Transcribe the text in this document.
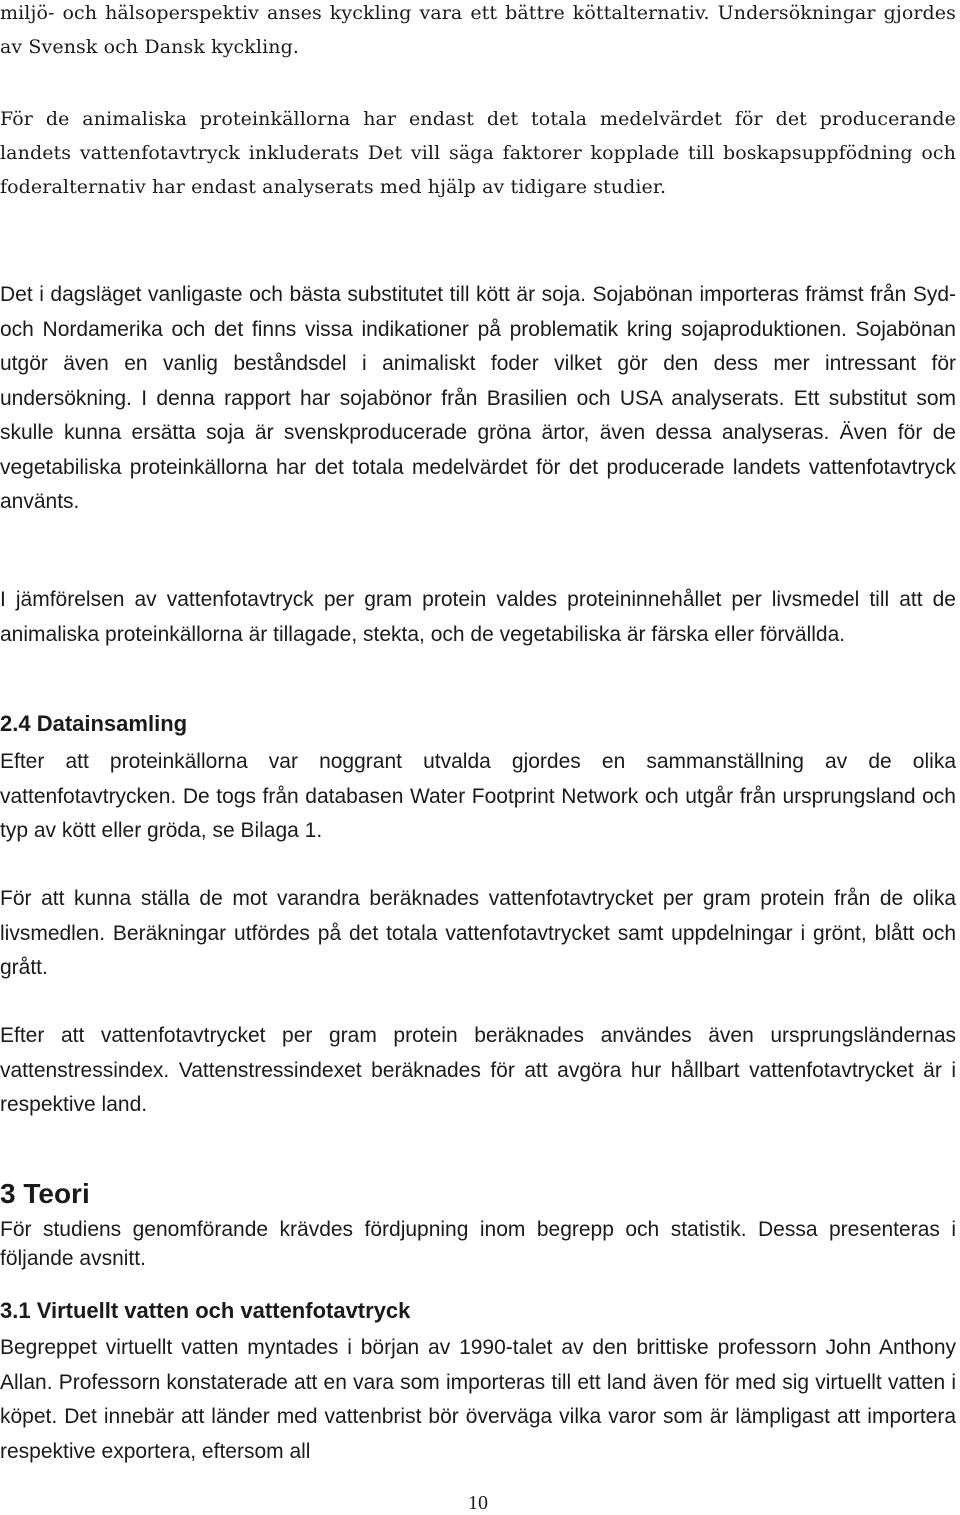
miljö- och hälsoperspektiv anses kyckling vara ett bättre köttalternativ. Undersökningar gjordes av Svensk och Dansk kyckling.

För de animaliska proteinkällorna har endast det totala medelvärdet för det producerande landets vattenfotavtryck inkluderats Det vill säga faktorer kopplade till boskapsuppfödning och foderalternativ har endast analyserats med hjälp av tidigare studier.

Det i dagsläget vanligaste och bästa substitutet till kött är soja. Sojabönan importeras främst från Syd- och Nordamerika och det finns vissa indikationer på problematik kring sojaproduktionen. Sojabönan utgör även en vanlig beståndsdel i animaliskt foder vilket gör den dess mer intressant för undersökning. I denna rapport har sojabönor från Brasilien och USA analyserats. Ett substitut som skulle kunna ersätta soja är svenskproducerade gröna ärtor, även dessa analyseras. Även för de vegetabiliska proteinkällorna har det totala medelvärdet för det producerade landets vattenfotavtryck använts.

I jämförelsen av vattenfotavtryck per gram protein valdes proteininnehållet per livsmedel till att de animaliska proteinkällorna är tillagade, stekta, och de vegetabiliska är färska eller förvällda.

2.4 Datainsamling

Efter att proteinkällorna var noggrant utvalda gjordes en sammanställning av de olika vattenfotavtrycken. De togs från databasen Water Footprint Network och utgår från ursprungsland och typ av kött eller gröda, se Bilaga 1.

För att kunna ställa de mot varandra beräknades vattenfotavtrycket per gram protein från de olika livsmedlen. Beräkningar utfördes på det totala vattenfotavtrycket samt uppdelningar i grönt, blått och grått.

Efter att vattenfotavtrycket per gram protein beräknades användes även ursprungsländernas vattenstressindex. Vattenstressindexet beräknades för att avgöra hur hållbart vattenfotavtrycket är i respektive land.

3 Teori

För studiens genomförande krävdes fördjupning inom begrepp och statistik. Dessa presenteras i följande avsnitt.

3.1 Virtuellt vatten och vattenfotavtryck

Begreppet virtuellt vatten myntades i början av 1990-talet av den brittiske professorn John Anthony Allan. Professorn konstaterade att en vara som importeras till ett land även för med sig virtuellt vatten i köpet. Det innebär att länder med vattenbrist bör överväga vilka varor som är lämpligast att importera respektive exportera, eftersom all

10
